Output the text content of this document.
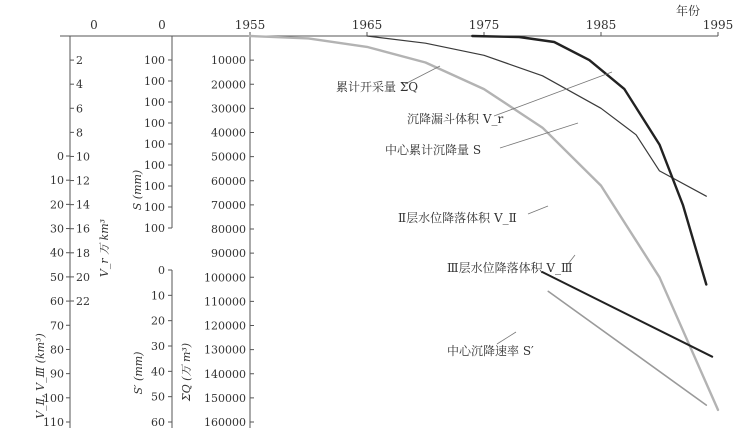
1955	1965	1975	1985	1995
年份
0	0
0
10
20
30
40
50
60
70
80
90
100
110
V_Ⅱ, V_Ⅲ (km³)
2
4
6
8
10
12
14
16
18
20
22
V_r 万 km³
100
100
100
100
100
100
100
100
100
S (mm)
0
10
20
30
40
50
60
S′ (mm)
10000
20000
30000
40000
50000
60000
70000
80000
90000
100000
110000
120000
130000
140000
150000
160000
ΣQ (万 m³)
累计开采量 ΣQ
沉降漏斗体积 V_r
中心累计沉降量 S
Ⅱ层水位降落体积 V_Ⅱ
Ⅲ层水位降落体积 V_Ⅲ
中心沉降速率 S′
